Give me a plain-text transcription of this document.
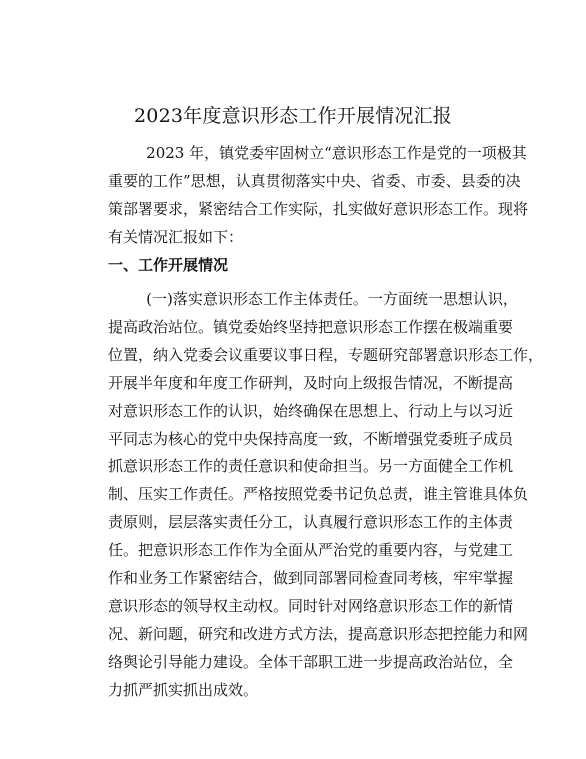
2023年度意识形态工作开展情况汇报
2023 年，镇党委牢固树立“意识形态工作是党的一项极其
重要的工作”思想，认真贯彻落实中央、省委、市委、县委的决
策部署要求，紧密结合工作实际，扎实做好意识形态工作。现将
有关情况汇报如下：
一、工作开展情况
(一)落实意识形态工作主体责任。一方面统一思想认识，
提高政治站位。镇党委始终坚持把意识形态工作摆在极端重要
位置，纳入党委会议重要议事日程，专题研究部署意识形态工作，
开展半年度和年度工作研判，及时向上级报告情况，不断提高
对意识形态工作的认识，始终确保在思想上、行动上与以习近
平同志为核心的党中央保持高度一致，不断增强党委班子成员
抓意识形态工作的责任意识和使命担当。另一方面健全工作机
制、压实工作责任。严格按照党委书记负总责，谁主管谁具体负
责原则，层层落实责任分工，认真履行意识形态工作的主体责
任。把意识形态工作作为全面从严治党的重要内容，与党建工
作和业务工作紧密结合，做到同部署同检查同考核，牢牢掌握
意识形态的领导权主动权。同时针对网络意识形态工作的新情
况、新问题，研究和改进方式方法，提高意识形态把控能力和网
络舆论引导能力建设。全体干部职工进一步提高政治站位，全
力抓严抓实抓出成效。
